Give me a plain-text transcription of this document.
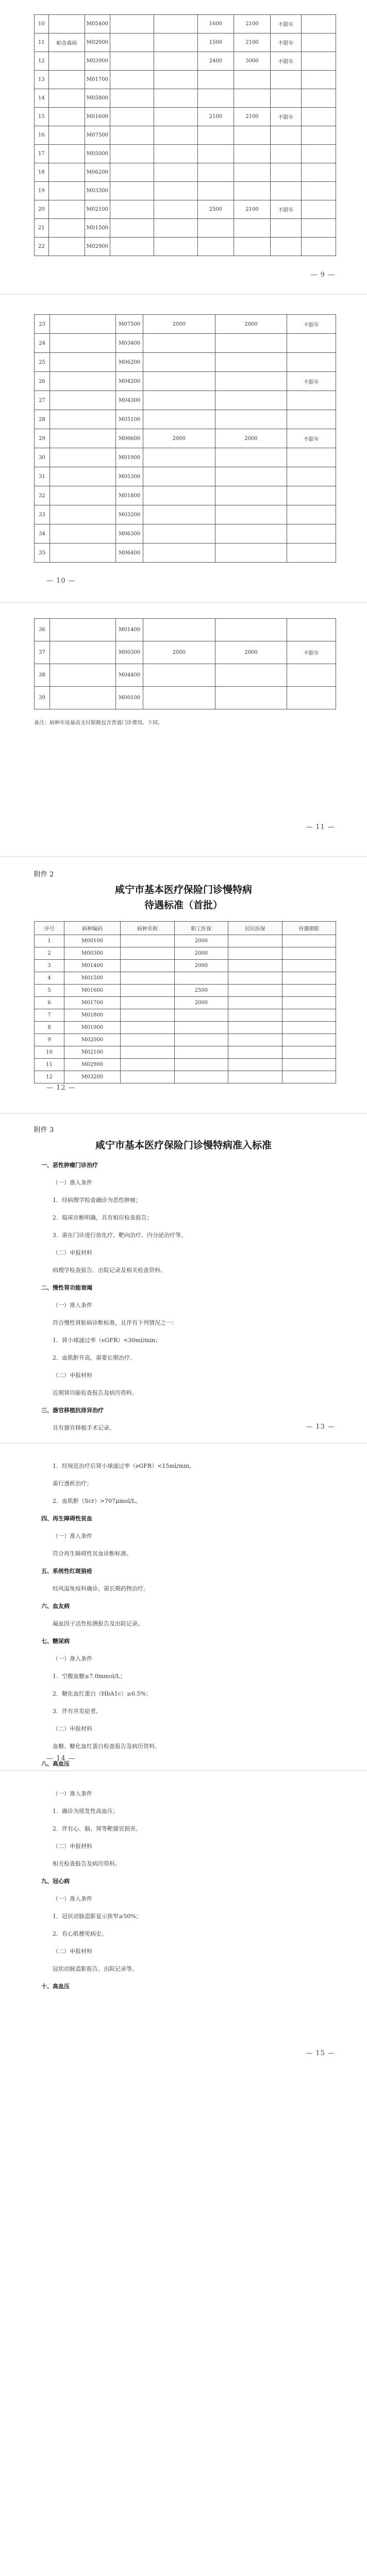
10		M05400			1600	2100	不限年	
11	帕金森病	M02000			1500	2100	不限年	
12		M03900			2400	3000	不限年	
13		M01700						
14		M05800						
15		M01600			2100	2100	不限年	
16		M07500						
17		M05000						
18		M06200						
19		M03300						
20		M02100			2500	2100	不限年	
21		M01500						
22		M02900						
— 9 —
23		M07500	2000	2000	不限年
24		M03400			
25		M06200			
26		M04200			不限年
27		M04300			
28		M05100			
29		M06600	2000	2000	不限年
30		M01900			
31		M05300			
32		M01800			
33		M03200			
34		M06300			
35		M06400			
— 10 —
36		M01400			
37		M00300	2000	2000	不限年
38		M04400			
39		M00100			
备注：病种年度最高支付限额包含普通门诊费用。下同。
— 11 —
附件 2
咸宁市基本医疗保险门诊慢特病
待遇标准（首批）
序号	病种编码	病种名称	职工医保	居民医保	待遇期限
1	M00100		2000		
2	M00300		2000		
3	M01400		2000		
4	M01500				
5	M01600		2500		
6	M01700		2000		
7	M01800				
8	M01900				
9	M02000				
10	M02100				
11	M02900				
12	M03200				
— 12 —
附件 3
咸宁市基本医疗保险门诊慢特病准入标准
一、恶性肿瘤门诊治疗
（一）准入条件
1．经病理学检查确诊为恶性肿瘤；
2．临床诊断明确，具有相应检查报告；
3．需在门诊进行放化疗、靶向治疗、内分泌治疗等。
（二）申报材料
病理学检查报告、出院记录及相关检查资料。
二、慢性肾功能衰竭
（一）准入条件
符合慢性肾脏病诊断标准，且伴有下列情况之一：
1．肾小球滤过率（eGFR）<30ml/min；
2．血肌酐升高，需要长期治疗。
（二）申报材料
近期肾功能检查报告及病历资料。
三、器官移植抗排异治疗
具有器官移植手术记录。	— 13 —
1．经规范治疗后肾小球滤过率（eGFR）<15ml/min，
需行透析治疗；
2．血肌酐（Scr）>707μmol/L。
四、再生障碍性贫血
（一）准入条件
符合再生障碍性贫血诊断标准。
五、系统性红斑狼疮
经风湿免疫科确诊，需长期药物治疗。
六、血友病
凝血因子活性检测报告及出院记录。
七、糖尿病
（一）准入条件
1．空腹血糖≥7.0mmol/L；
2．糖化血红蛋白（HbA1c）≥6.5%；
3．伴有并发症者。
（二）申报材料
血糖、糖化血红蛋白检查报告及病历资料。
八、高血压
— 14 —
（一）准入条件
1．确诊为原发性高血压；
2．伴有心、脑、肾等靶器官损害。
（二）申报材料
相关检查报告及病历资料。
九、冠心病
（一）准入条件
1．冠状动脉造影显示狭窄≥50%；
2．有心肌梗死病史。
（二）申报材料
冠状动脉造影报告、出院记录等。
十、高血压
— 15 —
